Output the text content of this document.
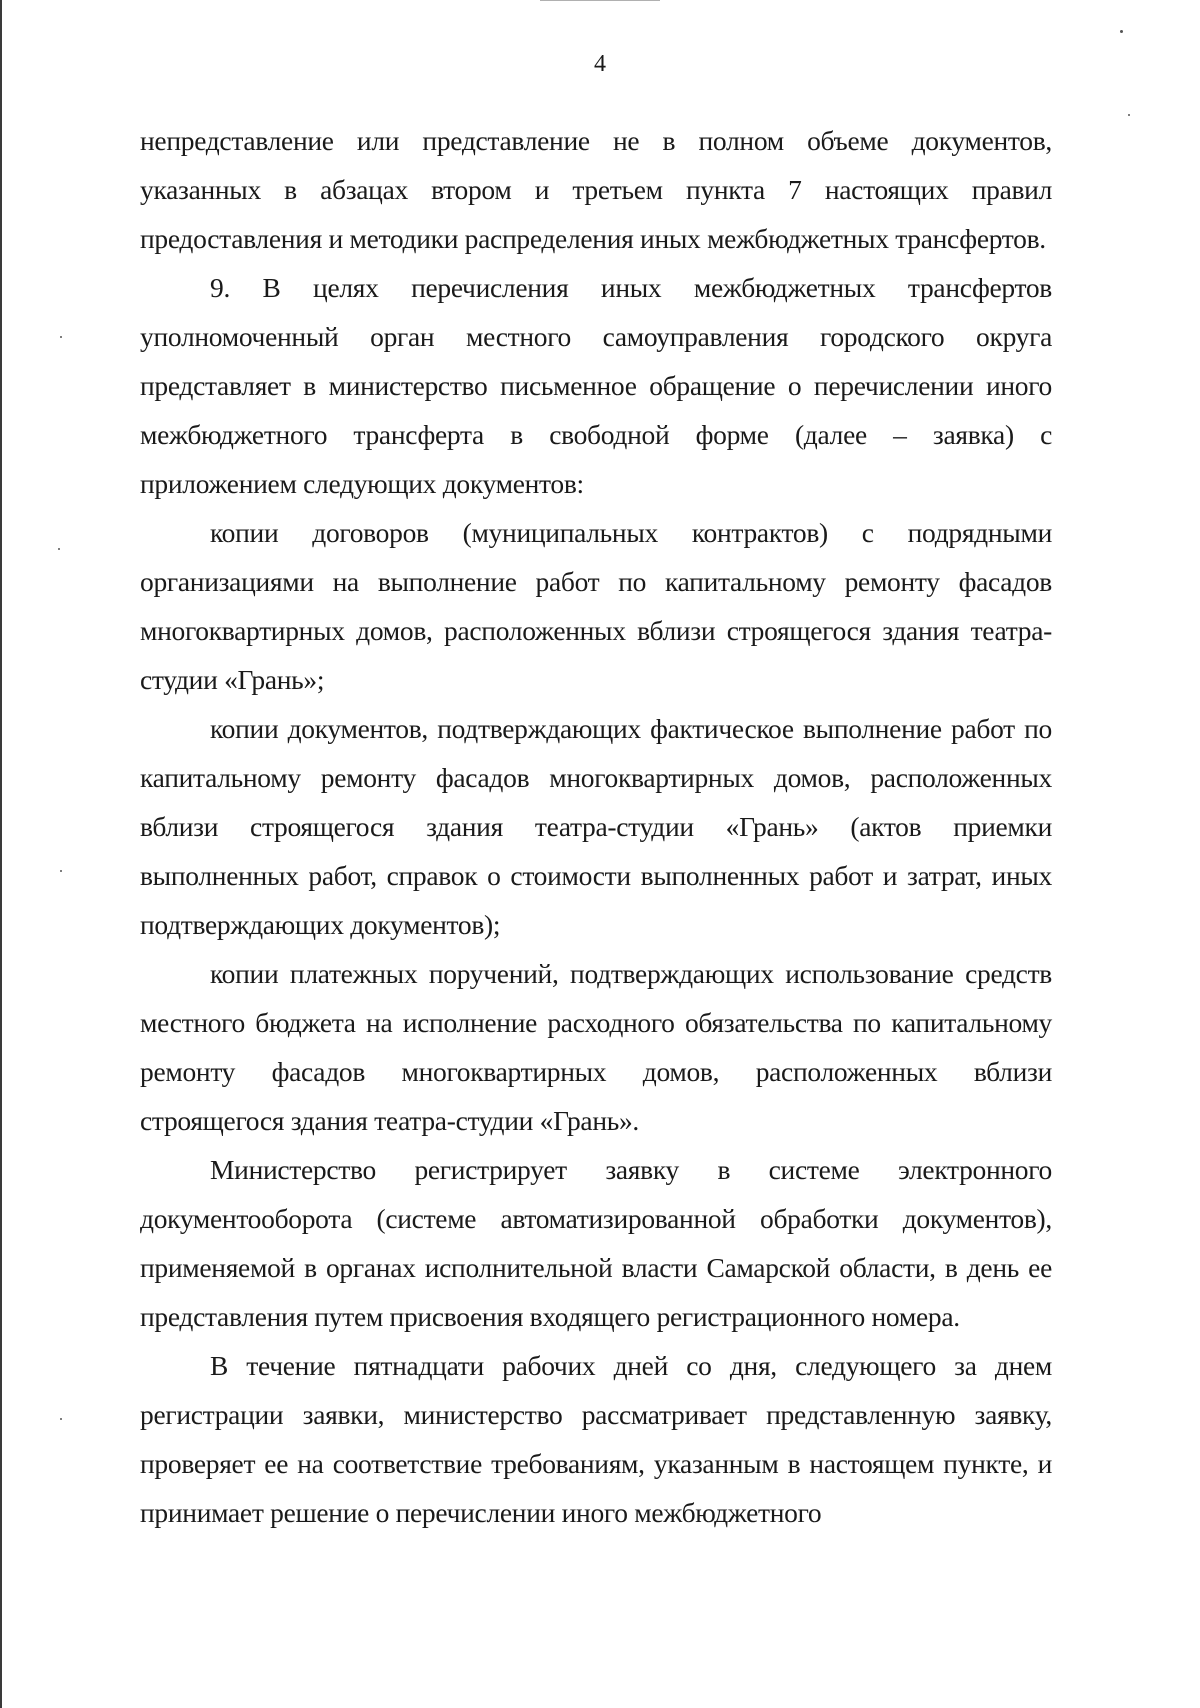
4

непредставление или представление не в полном объеме документов, указанных в абзацах втором и третьем пункта 7 настоящих правил предоставления и методики распределения иных межбюджетных трансфертов.

9. В целях перечисления иных межбюджетных трансфертов уполномоченный орган местного самоуправления городского округа представляет в министерство письменное обращение о перечислении иного межбюджетного трансферта в свободной форме (далее – заявка) с приложением следующих документов:

копии договоров (муниципальных контрактов) с подрядными организациями на выполнение работ по капитальному ремонту фасадов многоквартирных домов, расположенных вблизи строящегося здания театра-студии «Грань»;

копии документов, подтверждающих фактическое выполнение работ по капитальному ремонту фасадов многоквартирных домов, расположенных вблизи строящегося здания театра-студии «Грань» (актов приемки выполненных работ, справок о стоимости выполненных работ и затрат, иных подтверждающих документов);

копии платежных поручений, подтверждающих использование средств местного бюджета на исполнение расходного обязательства по капитальному ремонту фасадов многоквартирных домов, расположенных вблизи строящегося здания театра-студии «Грань».

Министерство регистрирует заявку в системе электронного документооборота (системе автоматизированной обработки документов), применяемой в органах исполнительной власти Самарской области, в день ее представления путем присвоения входящего регистрационного номера.

В течение пятнадцати рабочих дней со дня, следующего за днем регистрации заявки, министерство рассматривает представленную заявку, проверяет ее на соответствие требованиям, указанным в настоящем пункте, и принимает решение о перечислении иного межбюджетного
